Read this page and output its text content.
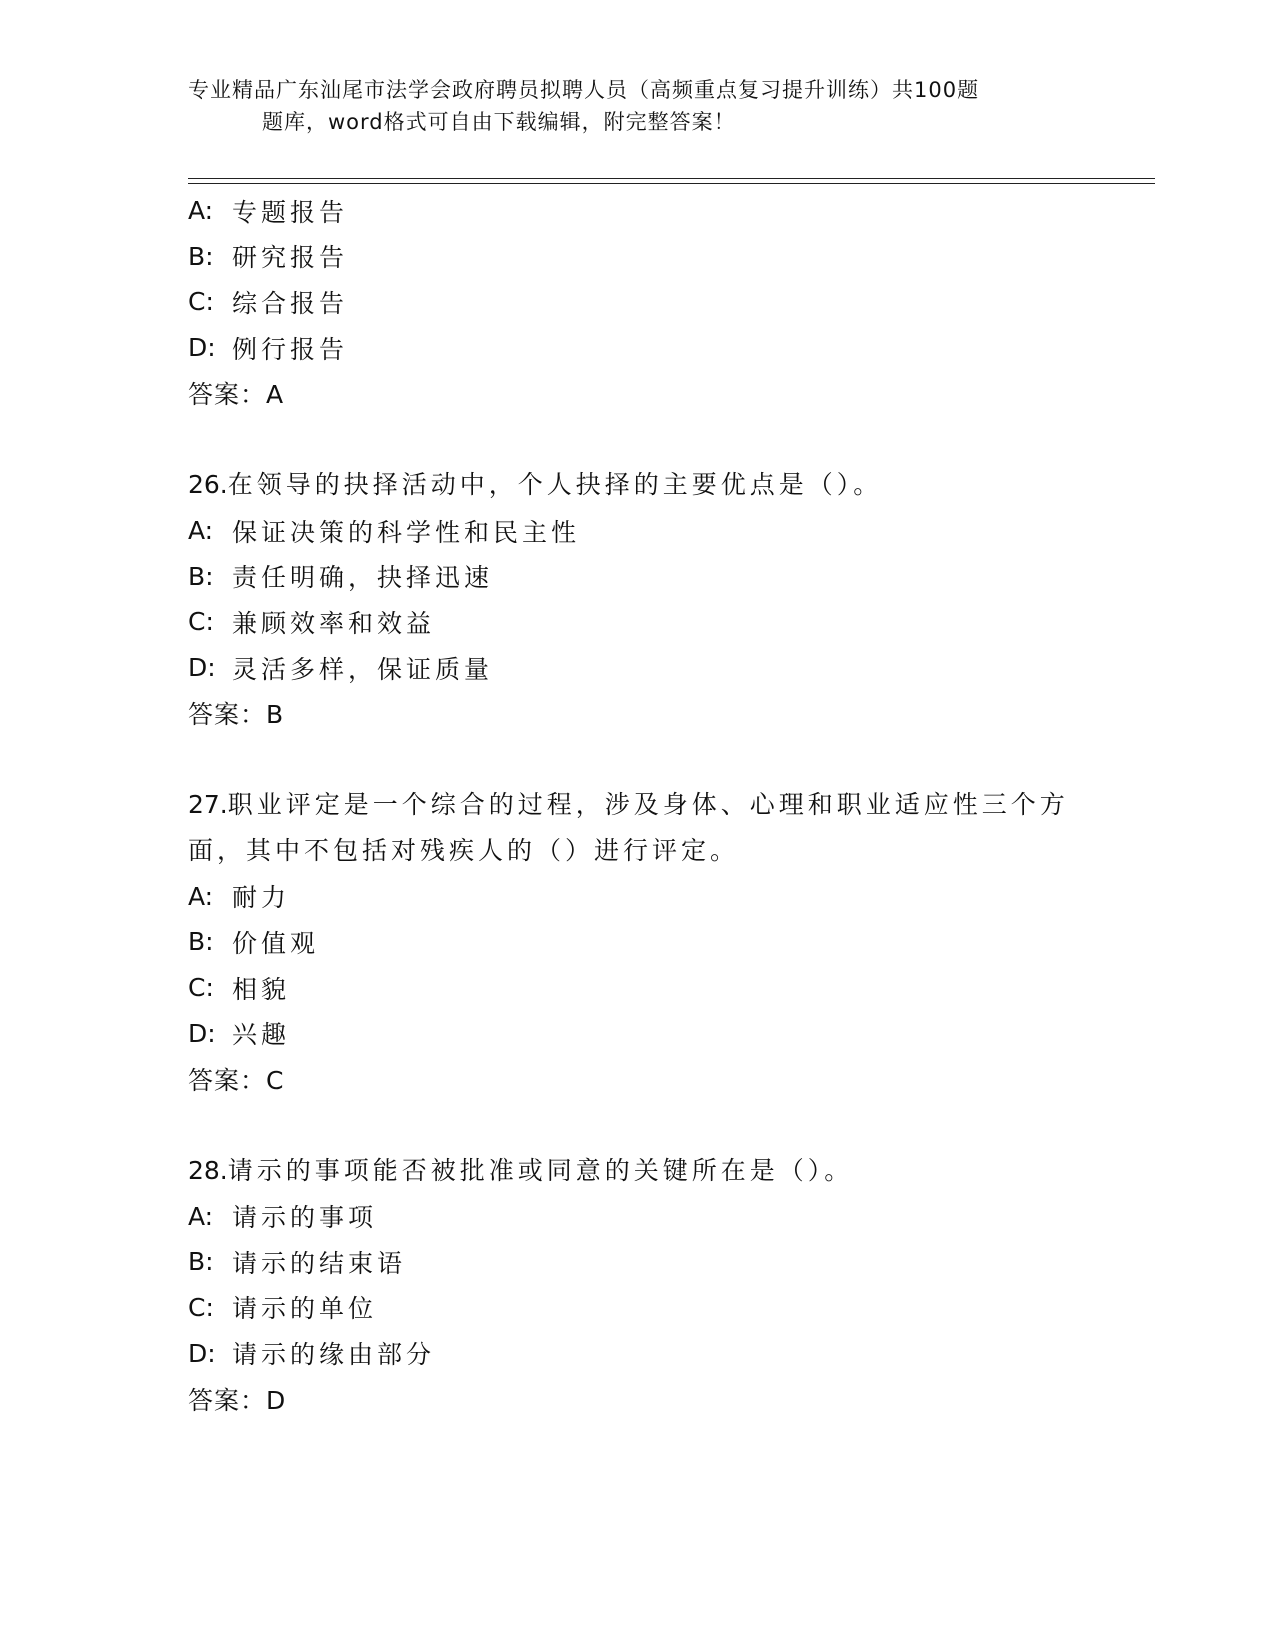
专业精品广东汕尾市法学会政府聘员拟聘人员（高频重点复习提升训练）共100题
题库，word格式可自由下载编辑，附完整答案！
A: 专题报告
B: 研究报告
C: 综合报告
D: 例行报告
答案：A
26.在领导的抉择活动中，个人抉择的主要优点是（）。
A: 保证决策的科学性和民主性
B: 责任明确，抉择迅速
C: 兼顾效率和效益
D: 灵活多样，保证质量
答案：B
27.职业评定是一个综合的过程，涉及身体、心理和职业适应性三个方面，其中不包括对残疾人的（）进行评定。
A: 耐力
B: 价值观
C: 相貌
D: 兴趣
答案：C
28.请示的事项能否被批准或同意的关键所在是（）。
A: 请示的事项
B: 请示的结束语
C: 请示的单位
D: 请示的缘由部分
答案：D
